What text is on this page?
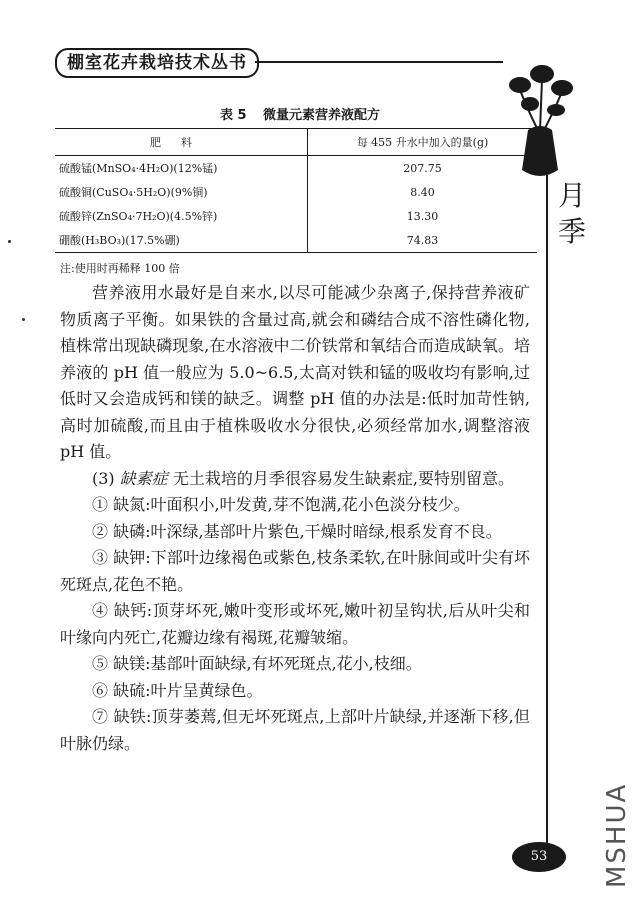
棚室花卉栽培技术丛书
月
季
表 5 微量元素营养液配方
肥料	每 455 升水中加入的量(g)
硫酸锰(MnSO₄·4H₂O)(12%锰)	207.75
硫酸铜(CuSO₄·5H₂O)(9%铜)	8.40
硫酸锌(ZnSO₄·7H₂O)(4.5%锌)	13.30
硼酸(H₃BO₃)(17.5%硼)	74.83
注:使用时再稀释 100 倍

营养液用水最好是自来水,以尽可能减少杂离子,保持营养液矿物质离子平衡。如果铁的含量过高,就会和磷结合成不溶性磷化物,植株常出现缺磷现象,在水溶液中二价铁常和氧结合而造成缺氧。培养液的 pH 值一般应为 5.0~6.5,太高对铁和锰的吸收均有影响,过低时又会造成钙和镁的缺乏。调整 pH 值的办法是:低时加苛性钠,高时加硫酸,而且由于植株吸收水分很快,必须经常加水,调整溶液 pH 值。

(3) 缺素症 无土栽培的月季很容易发生缺素症,要特别留意。

① 缺氮:叶面积小,叶发黄,芽不饱满,花小色淡分枝少。

② 缺磷:叶深绿,基部叶片紫色,干燥时暗绿,根系发育不良。

③ 缺钾:下部叶边缘褐色或紫色,枝条柔软,在叶脉间或叶尖有坏死斑点,花色不艳。

④ 缺钙:顶芽坏死,嫩叶变形或坏死,嫩叶初呈钩状,后从叶尖和叶缘向内死亡,花瓣边缘有褐斑,花瓣皱缩。

⑤ 缺镁:基部叶面缺绿,有坏死斑点,花小,枝细。

⑥ 缺硫:叶片呈黄绿色。

⑦ 缺铁:顶芽萎蔫,但无坏死斑点,上部叶片缺绿,并逐渐下移,但叶脉仍绿。

53	MSHUA
